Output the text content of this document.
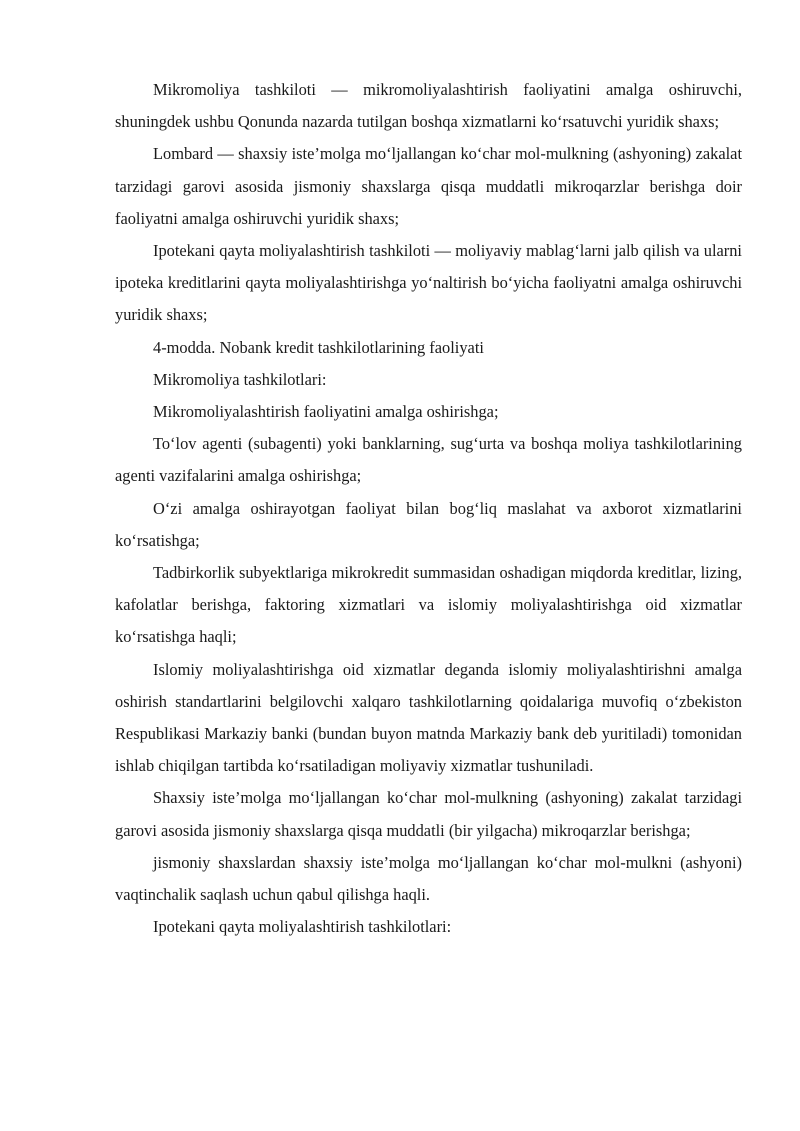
Mikromoliya tashkiloti — mikromoliyalashtirish faoliyatini amalga oshiruvchi, shuningdek ushbu Qonunda nazarda tutilgan boshqa xizmatlarni ko‘rsatuvchi yuridik shaxs;

Lombard — shaxsiy iste’molga mo‘ljallangan ko‘char mol-mulkning (ashyoning) zakalat tarzidagi garovi asosida jismoniy shaxslarga qisqa muddatli mikroqarzlar berishga doir faoliyatni amalga oshiruvchi yuridik shaxs;

Ipotekani qayta moliyalashtirish tashkiloti — moliyaviy mablag‘larni jalb qilish va ularni ipoteka kreditlarini qayta moliyalashtirishga yo‘naltirish bo‘yicha faoliyatni amalga oshiruvchi yuridik shaxs;

4-modda. Nobank kredit tashkilotlarining faoliyati

Mikromoliya tashkilotlari:

Mikromoliyalashtirish faoliyatini amalga oshirishga;

To‘lov agenti (subagenti) yoki banklarning, sug‘urta va boshqa moliya tashkilotlarining agenti vazifalarini amalga oshirishga;

O‘zi amalga oshirayotgan faoliyat bilan bog‘liq maslahat va axborot xizmatlarini ko‘rsatishga;

Tadbirkorlik subyektlariga mikrokredit summasidan oshadigan miqdorda kreditlar, lizing, kafolatlar berishga, faktoring xizmatlari va islomiy moliyalashtirishga oid xizmatlar ko‘rsatishga haqli;

Islomiy moliyalashtirishga oid xizmatlar deganda islomiy moliyalashtirishni amalga oshirish standartlarini belgilovchi xalqaro tashkilotlarning qoidalariga muvofiq o‘zbekiston Respublikasi Markaziy banki (bundan buyon matnda Markaziy bank deb yuritiladi) tomonidan ishlab chiqilgan tartibda ko‘rsatiladigan moliyaviy xizmatlar tushuniladi.

Shaxsiy iste’molga mo‘ljallangan ko‘char mol-mulkning (ashyoning) zakalat tarzidagi garovi asosida jismoniy shaxslarga qisqa muddatli (bir yilgacha) mikroqarzlar berishga;

jismoniy shaxslardan shaxsiy iste’molga mo‘ljallangan ko‘char mol-mulkni (ashyoni) vaqtinchalik saqlash uchun qabul qilishga haqli.

Ipotekani qayta moliyalashtirish tashkilotlari:
